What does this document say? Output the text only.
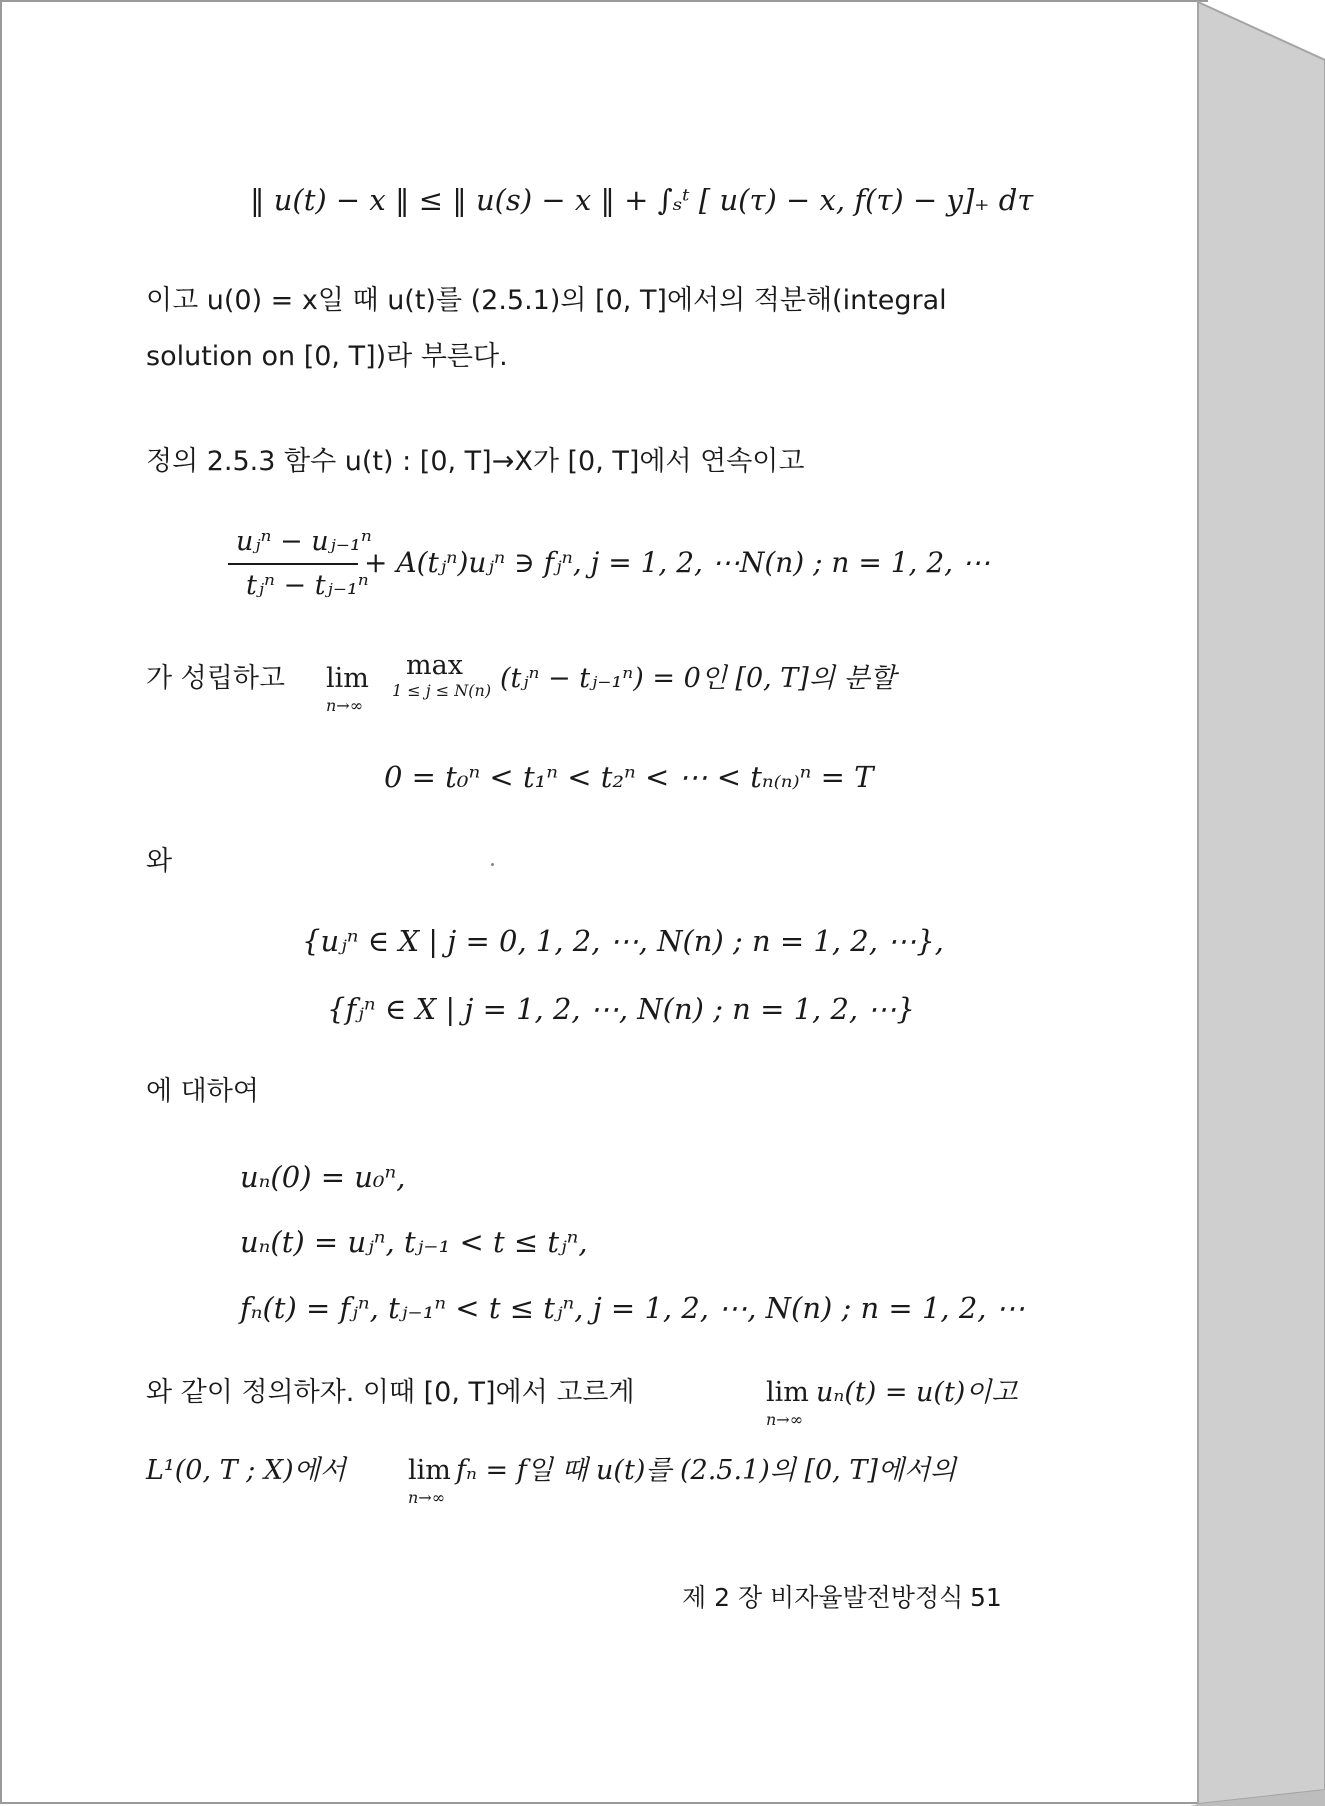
‖ u(t) − x ‖ ≤ ‖ u(s) − x ‖ + ∫ₛᵗ [ u(τ) − x, f(τ) − y]₊ dτ
이고 u(0) = x일 때 u(t)를 (2.5.1)의 [0, T]에서의 적분해(integral
solution on [0, T])라 부른다.
정의 2.5.3 함수 u(t) : [0, T]→X가 [0, T]에서 연속이고
uⱼⁿ − uⱼ₋₁ⁿ
tⱼⁿ − tⱼ₋₁ⁿ
+ A(tⱼⁿ)uⱼⁿ ∋ fⱼⁿ, j = 1, 2, ⋯N(n) ; n = 1, 2, ⋯
가 성립하고 lim
n→∞
max
1 ≤ j ≤ N(n) (tⱼⁿ − tⱼ₋₁ⁿ) = 0인 [0, T]의 분할
0 = t₀ⁿ < t₁ⁿ < t₂ⁿ < ⋯ < tₙ₍ₙ₎ⁿ = T
와
{uⱼⁿ ∈ X | j = 0, 1, 2, ⋯, N(n) ; n = 1, 2, ⋯},
{fⱼⁿ ∈ X | j = 1, 2, ⋯, N(n) ; n = 1, 2, ⋯}
에 대하여
uₙ(0) = u₀ⁿ,
uₙ(t) = uⱼⁿ, tⱼ₋₁ < t ≤ tⱼⁿ,
fₙ(t) = fⱼⁿ, tⱼ₋₁ⁿ < t ≤ tⱼⁿ, j = 1, 2, ⋯, N(n) ; n = 1, 2, ⋯
와 같이 정의하자. 이때 [0, T]에서 고르게	lim
n→∞
uₙ(t) = u(t)이고
L¹(0, T ; X)에서 lim
n→∞
fₙ = f일 때 u(t)를 (2.5.1)의 [0, T]에서의
제 2 장 비자율발전방정식 51
